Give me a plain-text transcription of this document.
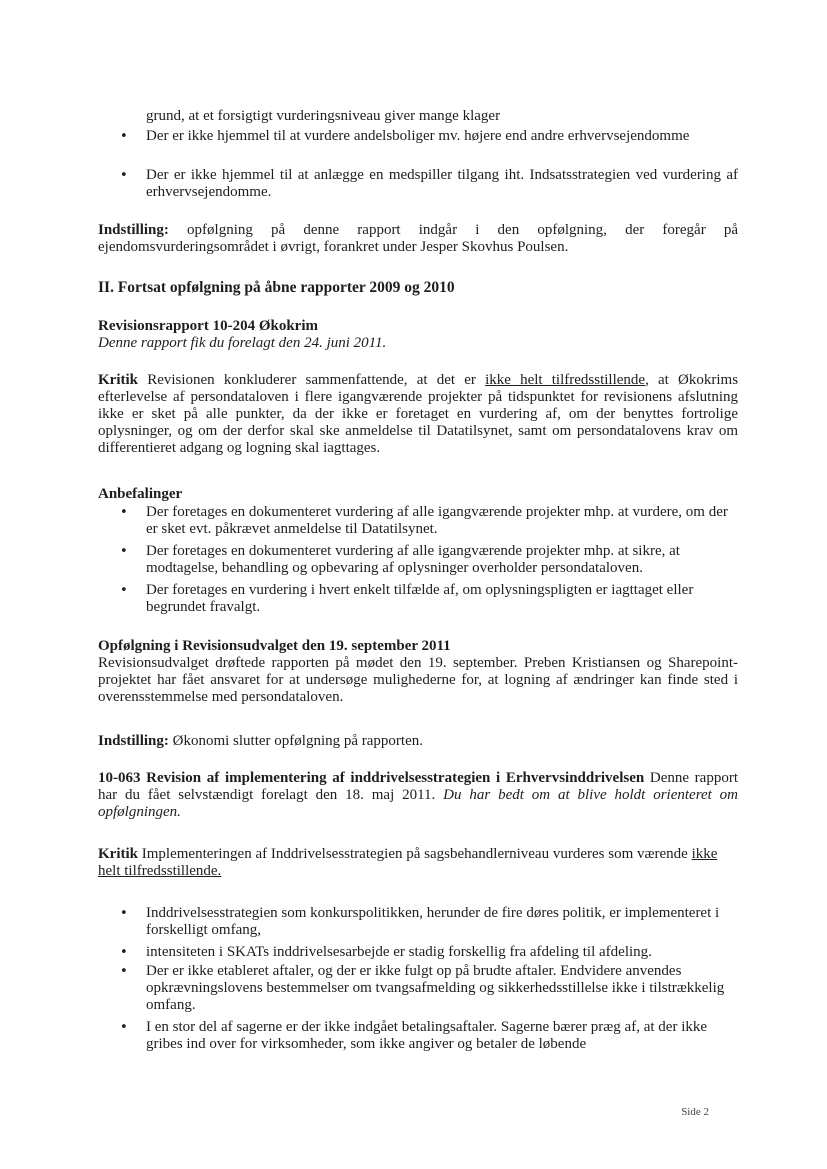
grund, at et forsigtigt vurderingsniveau giver mange klager
• Der er ikke hjemmel til at vurdere andelsboliger mv. højere end andre erhvervsejendomme
• Der er ikke hjemmel til at anlægge en medspiller tilgang iht. Indsatsstrategien ved vurdering af erhvervsejendomme.
Indstilling: opfølgning på denne rapport indgår i den opfølgning, der foregår på ejendomsvurderingsområdet i øvrigt, forankret under Jesper Skovhus Poulsen.
II. Fortsat opfølgning på åbne rapporter 2009 og 2010
Revisionsrapport 10-204 Økokrim
Denne rapport fik du forelagt den 24. juni 2011.
Kritik Revisionen konkluderer sammenfattende, at det er ikke helt tilfredsstillende, at Økokrims efterlevelse af persondataloven i flere igangværende projekter på tidspunktet for revisionens afslutning ikke er sket på alle punkter, da der ikke er foretaget en vurdering af, om der benyttes fortrolige oplysninger, og om der derfor skal ske anmeldelse til Datatilsynet, samt om persondatalovens krav om differentieret adgang og logning skal iagttages.
Anbefalinger
• Der foretages en dokumenteret vurdering af alle igangværende projekter mhp. at vurdere, om der er sket evt. påkrævet anmeldelse til Datatilsynet.
• Der foretages en dokumenteret vurdering af alle igangværende projekter mhp. at sikre, at modtagelse, behandling og opbevaring af oplysninger overholder persondataloven.
• Der foretages en vurdering i hvert enkelt tilfælde af, om oplysningspligten er iagttaget eller begrundet fravalgt.
Opfølgning i Revisionsudvalget den 19. september 2011
Revisionsudvalget drøftede rapporten på mødet den 19. september. Preben Kristiansen og Sharepoint-projektet har fået ansvaret for at undersøge mulighederne for, at logning af ændringer kan finde sted i overensstemmelse med persondataloven.
Indstilling: Økonomi slutter opfølgning på rapporten.
10-063 Revision af implementering af inddrivelsesstrategien i Erhvervsinddrivelsen Denne rapport har du fået selvstændigt forelagt den 18. maj 2011. Du har bedt om at blive holdt orienteret om opfølgningen.
Kritik Implementeringen af Inddrivelsesstrategien på sagsbehandlerniveau vurderes som værende ikke helt tilfredsstillende.
• Inddrivelsesstrategien som konkurspolitikken, herunder de fire døres politik, er implementeret i forskelligt omfang,
• intensiteten i SKATs inddrivelsesarbejde er stadig forskellig fra afdeling til afdeling.
• Der er ikke etableret aftaler, og der er ikke fulgt op på brudte aftaler. Endvidere anvendes opkrævningslovens bestemmelser om tvangsafmelding og sikkerhedsstillelse ikke i tilstrækkelig omfang.
• I en stor del af sagerne er der ikke indgået betalingsaftaler. Sagerne bærer præg af, at der ikke gribes ind over for virksomheder, som ikke angiver og betaler de løbende
Side 2
